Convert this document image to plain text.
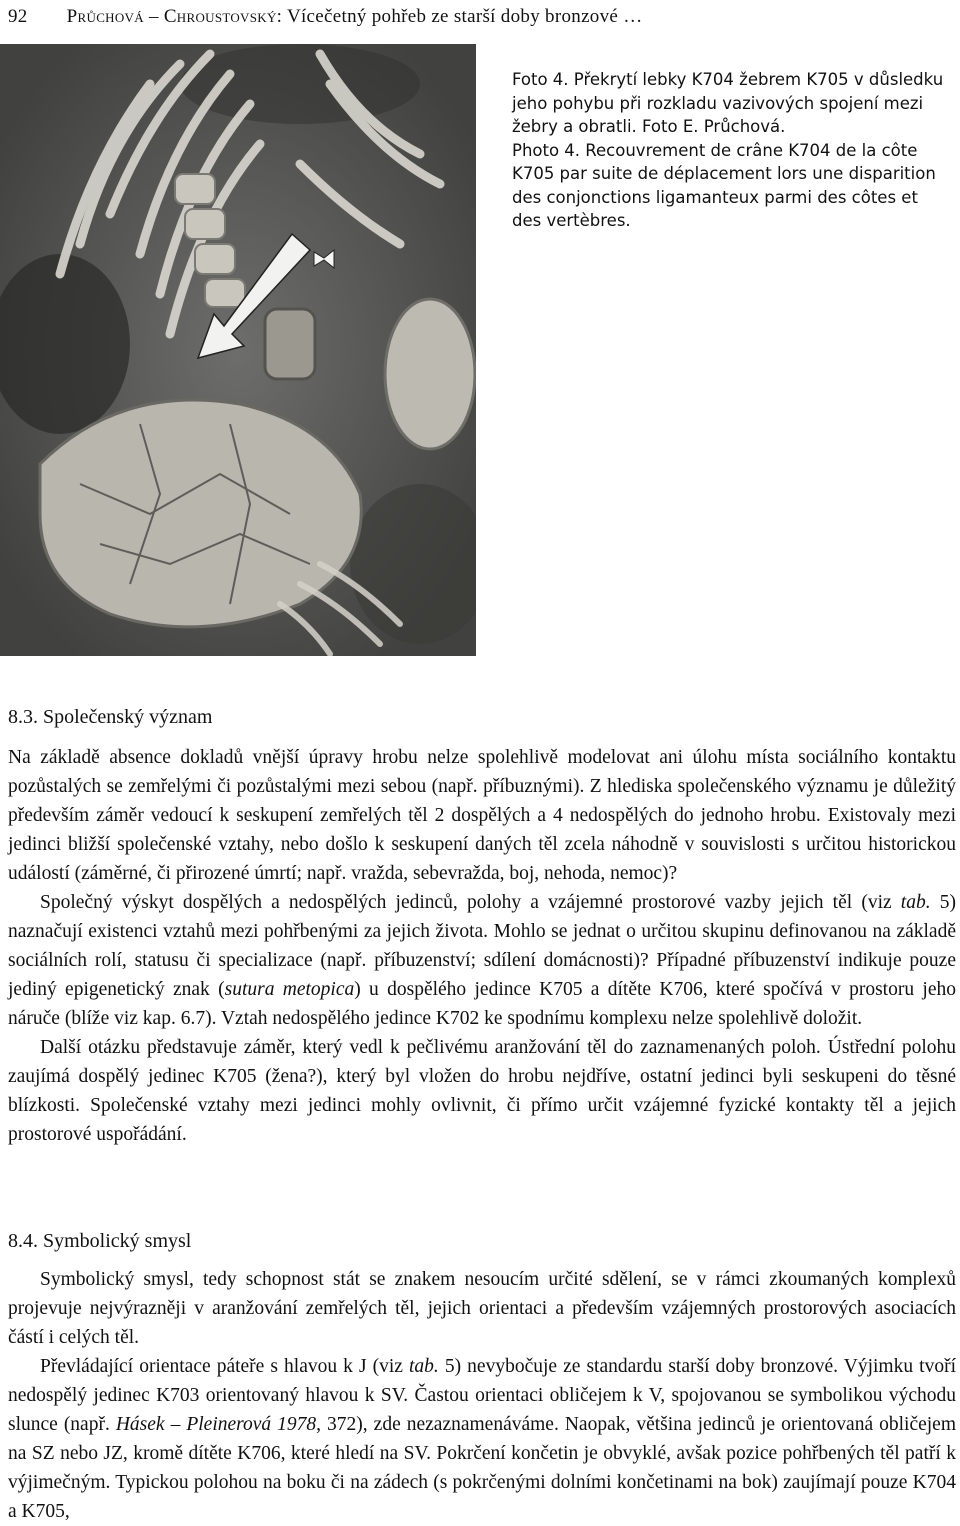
92 Průchová – Chroustovský: Vícečetný pohřeb ze starší doby bronzové …

Foto 4. Překrytí lebky K704 žebrem K705 v důsledku jeho pohybu při rozkladu vazivových spojení mezi žebry a obratli. Foto E. Průchová.

Photo 4. Recouvrement de crâne K704 de la côte K705 par suite de déplacement lors une disparition des conjonctions ligamanteux parmi des côtes et des vertèbres.

8.3. Společenský význam

Na základě absence dokladů vnější úpravy hrobu nelze spolehlivě modelovat ani úlohu místa sociálního kontaktu pozůstalých se zemřelými či pozůstalými mezi sebou (např. příbuznými). Z hlediska společenského významu je důležitý především záměr vedoucí k seskupení zemřelých těl 2 dospělých a 4 nedospělých do jednoho hrobu. Existovaly mezi jedinci bližší společenské vztahy, nebo došlo k seskupení daných těl zcela náhodně v souvislosti s určitou historickou událostí (záměrné, či přirozené úmrtí; např. vražda, sebevražda, boj, nehoda, nemoc)?

Společný výskyt dospělých a nedospělých jedinců, polohy a vzájemné prostorové vazby jejich těl (viz tab. 5) naznačují existenci vztahů mezi pohřbenými za jejich života. Mohlo se jednat o určitou skupinu definovanou na základě sociálních rolí, statusu či specializace (např. příbuzenství; sdílení domácnosti)? Případné příbuzenství indikuje pouze jediný epigenetický znak (sutura metopica) u dospělého jedince K705 a dítěte K706, které spočívá v prostoru jeho náruče (blíže viz kap. 6.7). Vztah nedospělého jedince K702 ke spodnímu komplexu nelze spolehlivě doložit.

Další otázku představuje záměr, který vedl k pečlivému aranžování těl do zaznamenaných poloh. Ústřední polohu zaujímá dospělý jedinec K705 (žena?), který byl vložen do hrobu nejdříve, ostatní jedinci byli seskupeni do těsné blízkosti. Společenské vztahy mezi jedinci mohly ovlivnit, či přímo určit vzájemné fyzické kontakty těl a jejich prostorové uspořádání.

8.4. Symbolický smysl

Symbolický smysl, tedy schopnost stát se znakem nesoucím určité sdělení, se v rámci zkoumaných komplexů projevuje nejvýrazněji v aranžování zemřelých těl, jejich orientaci a především vzájemných prostorových asociacích částí i celých těl.

Převládající orientace páteře s hlavou k J (viz tab. 5) nevybočuje ze standardu starší doby bronzové. Výjimku tvoří nedospělý jedinec K703 orientovaný hlavou k SV. Častou orientaci obličejem k V, spojovanou se symbolikou východu slunce (např. Hásek – Pleinerová 1978, 372), zde nezaznamenáváme. Naopak, většina jedinců je orientovaná obličejem na SZ nebo JZ, kromě dítěte K706, které hledí na SV. Pokrčení končetin je obvyklé, avšak pozice pohřbených těl patří k výjimečným. Typickou polohou na boku či na zádech (s pokrčenými dolními končetinami na bok) zaujímají pouze K704 a K705,
